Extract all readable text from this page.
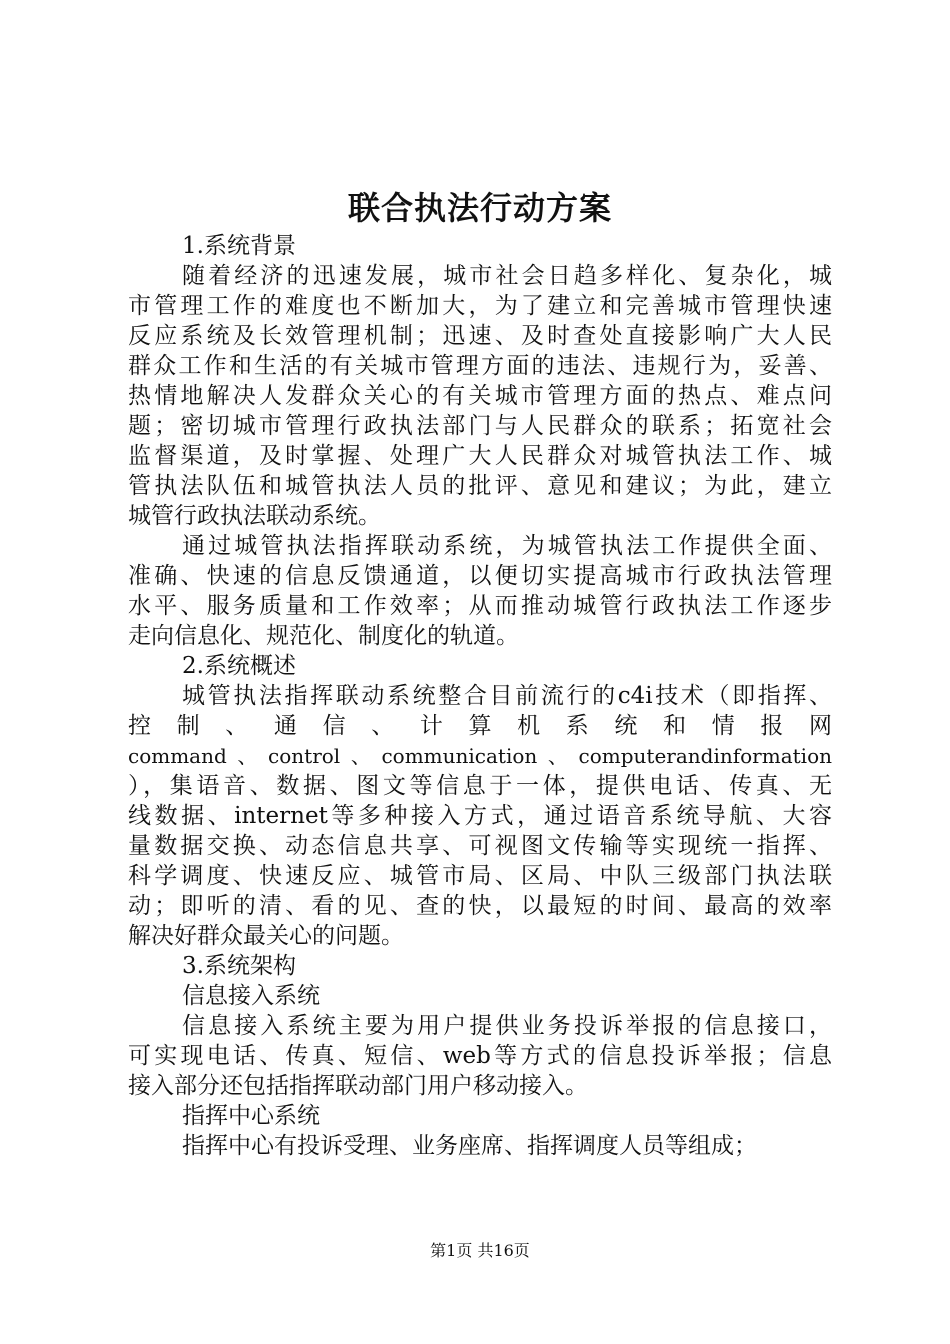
联合执法行动方案
1.系统背景
随着经济的迅速发展，城市社会日趋多样化、复杂化，城
市管理工作的难度也不断加大，为了建立和完善城市管理快速
反应系统及长效管理机制；迅速、及时查处直接影响广大人民
群众工作和生活的有关城市管理方面的违法、违规行为，妥善、
热情地解决人发群众关心的有关城市管理方面的热点、难点问
题；密切城市管理行政执法部门与人民群众的联系；拓宽社会
监督渠道，及时掌握、处理广大人民群众对城管执法工作、城
管执法队伍和城管执法人员的批评、意见和建议；为此，建立
城管行政执法联动系统。
通过城管执法指挥联动系统，为城管执法工作提供全面、
准确、快速的信息反馈通道，以便切实提高城市行政执法管理
水平、服务质量和工作效率；从而推动城管行政执法工作逐步
走向信息化、规范化、制度化的轨道。
2.系统概述
城管执法指挥联动系统整合目前流行的c4i技术（即指挥、
控 制 、 通 信 、 计 算 机 系 统 和 情 报 网
command、control、communication、computerandinformation
），集语音、数据、图文等信息于一体，提供电话、传真、无
线数据、internet等多种接入方式，通过语音系统导航、大容
量数据交换、动态信息共享、可视图文传输等实现统一指挥、
科学调度、快速反应、城管市局、区局、中队三级部门执法联
动；即听的清、看的见、查的快，以最短的时间、最高的效率
解决好群众最关心的问题。
3.系统架构
信息接入系统
信息接入系统主要为用户提供业务投诉举报的信息接口，
可实现电话、传真、短信、web等方式的信息投诉举报；信息
接入部分还包括指挥联动部门用户移动接入。
指挥中心系统
指挥中心有投诉受理、业务座席、指挥调度人员等组成；
第1页 共16页
